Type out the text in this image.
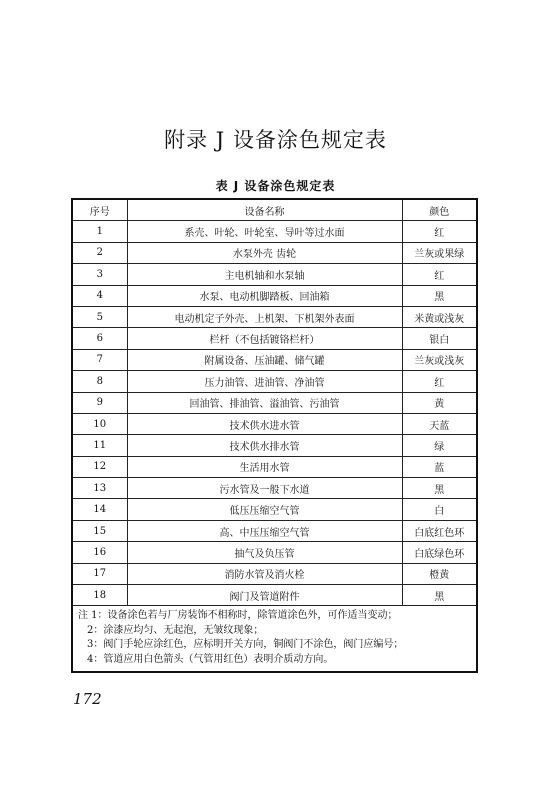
附录 J 设备涂色规定表
表 J 设备涂色规定表
序号	设备名称	颜色
1	系壳、叶轮、叶轮室、导叶等过水面	红
2	水泵外壳 齿轮	兰灰或果绿
3	主电机轴和水泵轴	红
4	水泵、电动机脚踏板、回油箱	黑
5	电动机定子外壳、上机架、下机架外表面	米黄或浅灰
6	栏杆（不包括镀铬栏杆）	银白
7	附属设备、压油罐、储气罐	兰灰或浅灰
8	压力油管、进油管、净油管	红
9	回油管、排油管、溢油管、污油管	黄
10	技术供水进水管	天蓝
11	技术供水排水管	绿
12	生活用水管	蓝
13	污水管及一般下水道	黑
14	低压压缩空气管	白
15	高、中压压缩空气管	白底红色环
16	抽气及负压管	白底绿色环
17	消防水管及消火栓	橙黄
18	阀门及管道附件	黑

注 1：设备涂色若与厂房装饰不相称时，除管道涂色外，可作适当变动；
2：涂漆应均匀、无起泡，无皱纹现象；
3：阀门手轮应涂红色，应标明开关方向，铜阀门不涂色，阀门应编号；
4：管道应用白色箭头（气管用红色）表明介质动方向。		
172
